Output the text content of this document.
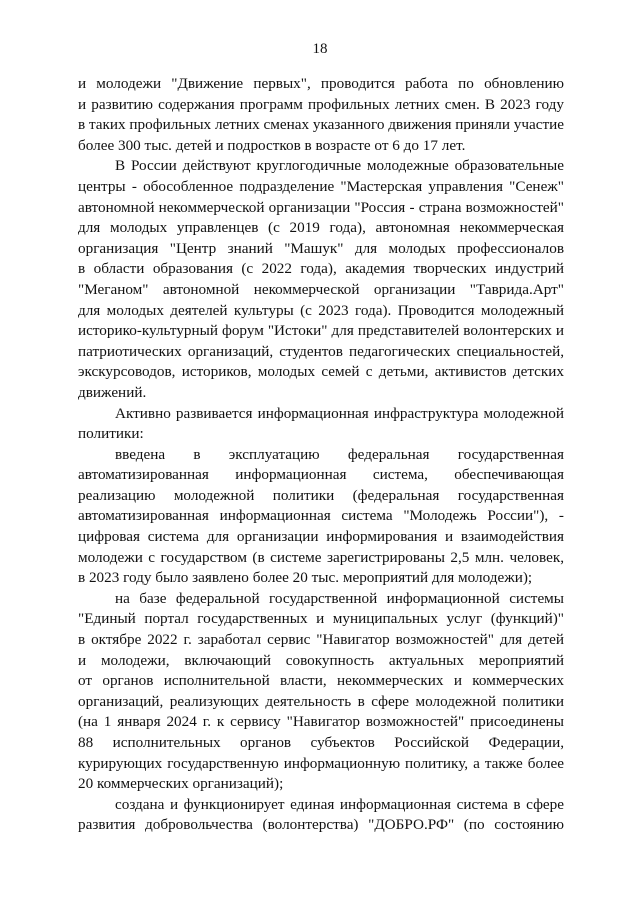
18
и молодежи "Движение первых", проводится работа по обновлению
и развитию содержания программ профильных летних смен. В 2023 году
в таких профильных летних сменах указанного движения приняли участие
более 300 тыс. детей и подростков в возрасте от 6 до 17 лет.
В России действуют круглогодичные молодежные образовательные
центры - обособленное подразделение "Мастерская управления "Сенеж"
автономной некоммерческой организации "Россия - страна возможностей"
для молодых управленцев (с 2019 года), автономная некоммерческая
организация "Центр знаний "Машук" для молодых профессионалов
в области образования (с 2022 года), академия творческих индустрий
"Меганом" автономной некоммерческой организации "Таврида.Арт"
для молодых деятелей культуры (с 2023 года). Проводится молодежный
историко-культурный форум "Истоки" для представителей волонтерских и
патриотических организаций, студентов педагогических специальностей,
экскурсоводов, историков, молодых семей с детьми, активистов детских
движений.
Активно развивается информационная инфраструктура молодежной
политики:
введена в эксплуатацию федеральная государственная
автоматизированная информационная система, обеспечивающая
реализацию молодежной политики (федеральная государственная
автоматизированная информационная система "Молодежь России"), -
цифровая система для организации информирования и взаимодействия
молодежи с государством (в системе зарегистрированы 2,5 млн. человек,
в 2023 году было заявлено более 20 тыс. мероприятий для молодежи);
на базе федеральной государственной информационной системы
"Единый портал государственных и муниципальных услуг (функций)"
в октябре 2022 г. заработал сервис "Навигатор возможностей" для детей
и молодежи, включающий совокупность актуальных мероприятий
от органов исполнительной власти, некоммерческих и коммерческих
организаций, реализующих деятельность в сфере молодежной политики
(на 1 января 2024 г. к сервису "Навигатор возможностей" присоединены
88 исполнительных органов субъектов Российской Федерации,
курирующих государственную информационную политику, а также более
20 коммерческих организаций);
создана и функционирует единая информационная система в сфере
развития добровольчества (волонтерства) "ДОБРО.РФ" (по состоянию
